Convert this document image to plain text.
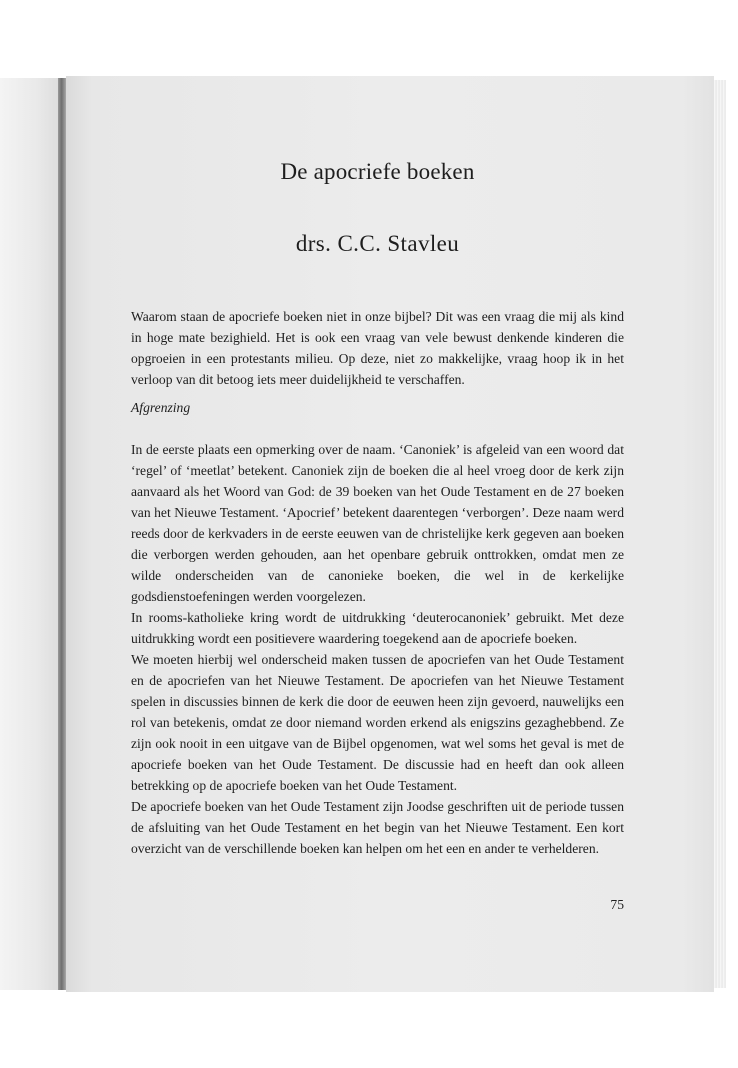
De apocriefe boeken
drs. C.C. Stavleu

Waarom staan de apocriefe boeken niet in onze bijbel? Dit was een vraag die mij als kind in hoge mate bezighield. Het is ook een vraag van vele bewust denkende kinderen die opgroeien in een protestants milieu. Op deze, niet zo makkelijke, vraag hoop ik in het verloop van dit betoog iets meer duidelijkheid te verschaffen.

Afgrenzing

In de eerste plaats een opmerking over de naam. ‘Canoniek’ is afgeleid van een woord dat ‘regel’ of ‘meetlat’ betekent. Canoniek zijn de boeken die al heel vroeg door de kerk zijn aanvaard als het Woord van God: de 39 boeken van het Oude Testament en de 27 boeken van het Nieuwe Testament. ‘Apocrief’ betekent daarentegen ‘verborgen’. Deze naam werd reeds door de kerkvaders in de eerste eeuwen van de christelijke kerk gegeven aan boeken die verborgen werden gehouden, aan het openbare gebruik onttrokken, omdat men ze wilde onderscheiden van de canonieke boeken, die wel in de kerkelijke godsdienstoefeningen werden voorgelezen.

In rooms-katholieke kring wordt de uitdrukking ‘deuterocanoniek’ gebruikt. Met deze uitdrukking wordt een positievere waardering toegekend aan de apocriefe boeken.

We moeten hierbij wel onderscheid maken tussen de apocriefen van het Oude Testament en de apocriefen van het Nieuwe Testament. De apocriefen van het Nieuwe Testament spelen in discussies binnen de kerk die door de eeuwen heen zijn gevoerd, nauwelijks een rol van betekenis, omdat ze door niemand worden erkend als enigszins gezaghebbend. Ze zijn ook nooit in een uitgave van de Bijbel opgenomen, wat wel soms het geval is met de apocriefe boeken van het Oude Testament. De discussie had en heeft dan ook alleen betrekking op de apocriefe boeken van het Oude Testament.

De apocriefe boeken van het Oude Testament zijn Joodse geschriften uit de periode tussen de afsluiting van het Oude Testament en het begin van het Nieuwe Testament. Een kort overzicht van de verschillende boeken kan helpen om het een en ander te verhelderen.

75
